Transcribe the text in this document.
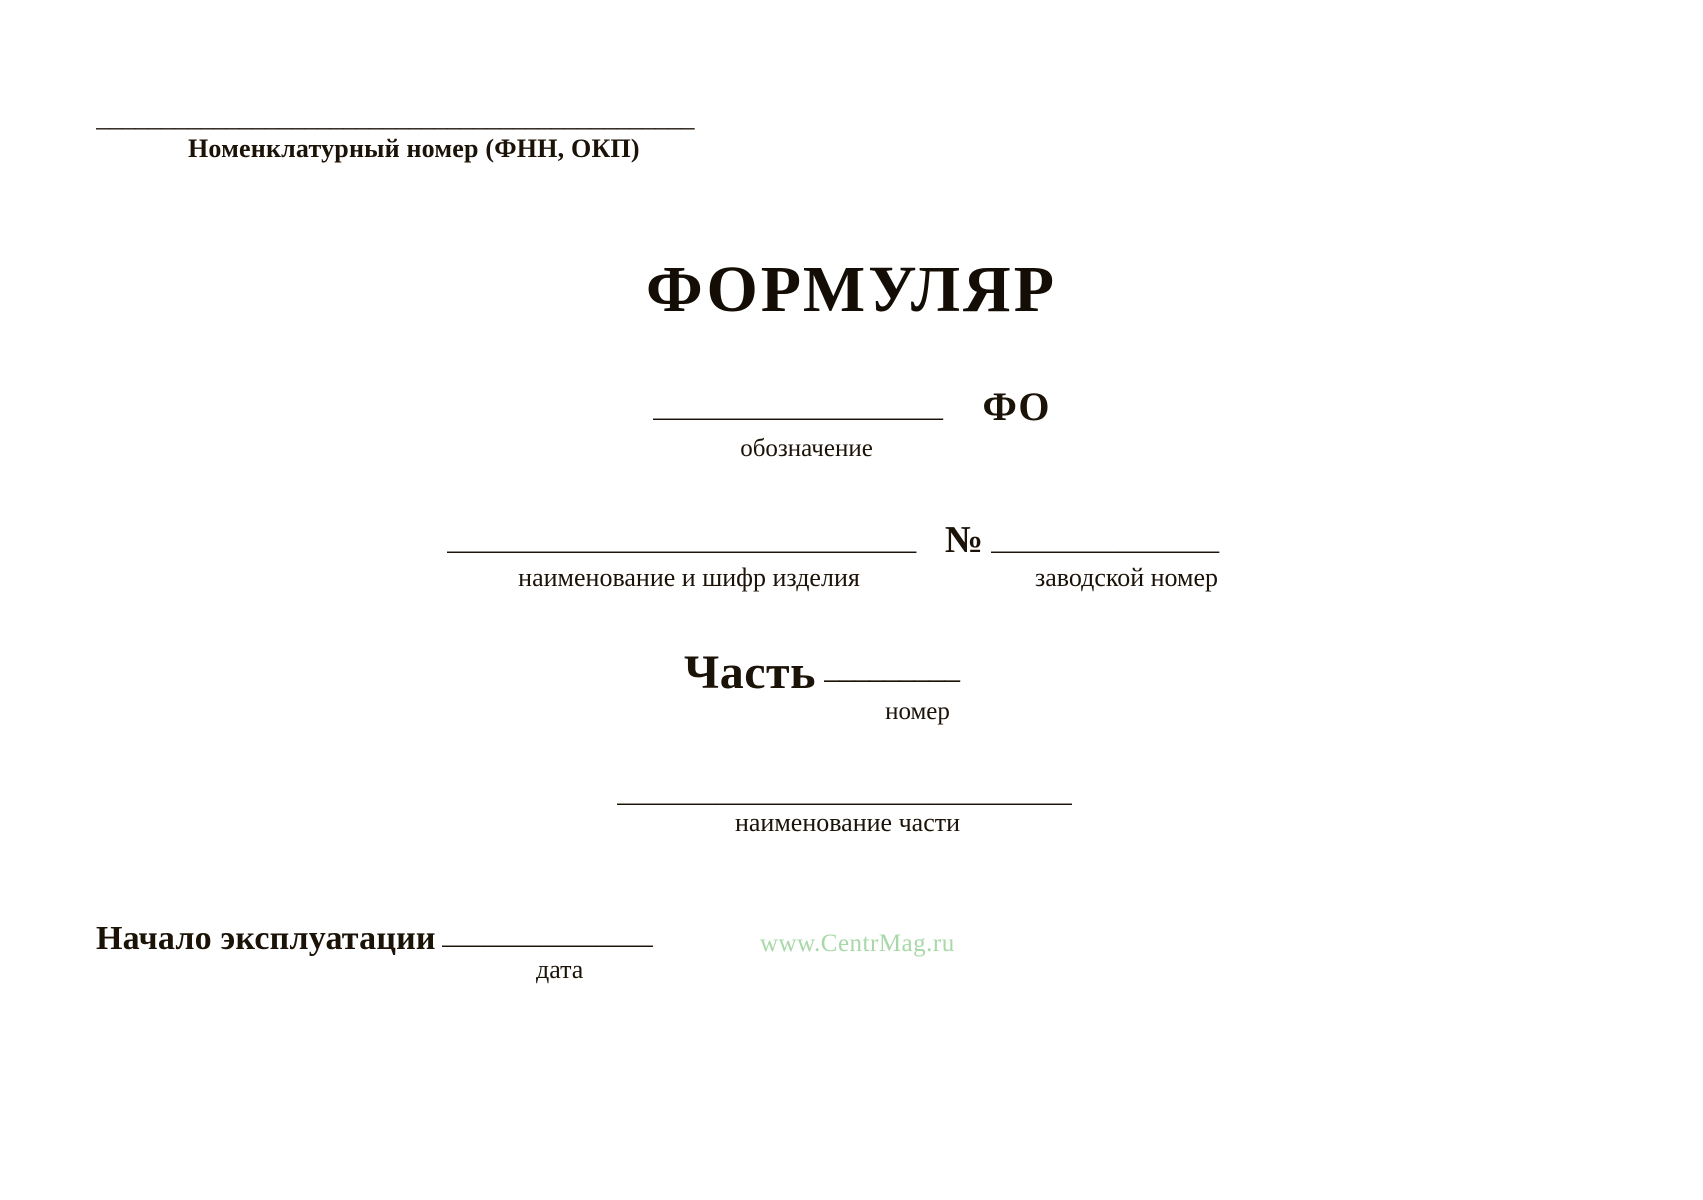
______________________________________________
Номенклатурный номер (ФНН, ОКП)
ФОРМУЛЯР
____________________ ФО
обозначение
_________________________________ № ________________
наименование и шифр изделия	заводской номер
Часть _________
номер
________________________________
наименование части
Начало эксплуатации _______________
дата
www.CentrMag.ru
